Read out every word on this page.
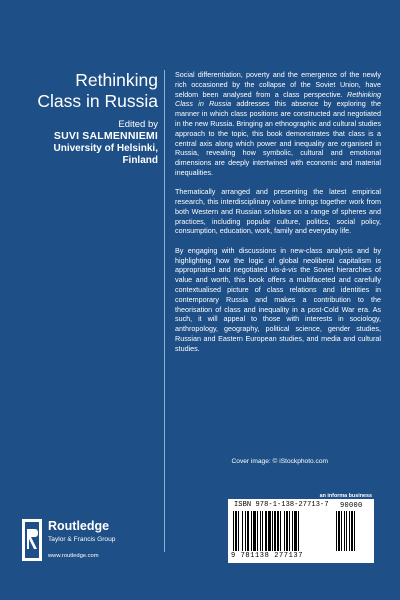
Rethinking
Class in Russia
Edited by
SUVI SALMENNIEMI
University of Helsinki,
Finland

Social differentiation, poverty and the emergence of the newly rich occasioned by the collapse of the Soviet Union, have seldom been analysed from a class perspective. Rethinking Class in Russia addresses this absence by exploring the manner in which class positions are constructed and negotiated in the new Russia. Bringing an ethnographic and cultural studies approach to the topic, this book demonstrates that class is a central axis along which power and inequality are organised in Russia, revealing how symbolic, cultural and emotional dimensions are deeply intertwined with economic and material inequalities.

Thematically arranged and presenting the latest empirical research, this interdisciplinary volume brings together work from both Western and Russian scholars on a range of spheres and practices, including popular culture, politics, social policy, consumption, education, work, family and everyday life.

By engaging with discussions in new-class analysis and by highlighting how the logic of global neoliberal capitalism is appropriated and negotiated vis-à-vis the Soviet hierarchies of value and worth, this book offers a multifaceted and carefully contextualised picture of class relations and identities in contemporary Russia and makes a contribution to the theorisation of class and inequality in a post-Cold War era. As such, it will appeal to those with interests in sociology, anthropology, geography, political science, gender studies, Russian and Eastern European studies, and media and cultural studies.

Cover image: © iStockphoto.com
an informa business
ISBN 978-1-138-27713-7 90000
9 781138 277137
Routledge
Taylor & Francis Group
www.routledge.com
